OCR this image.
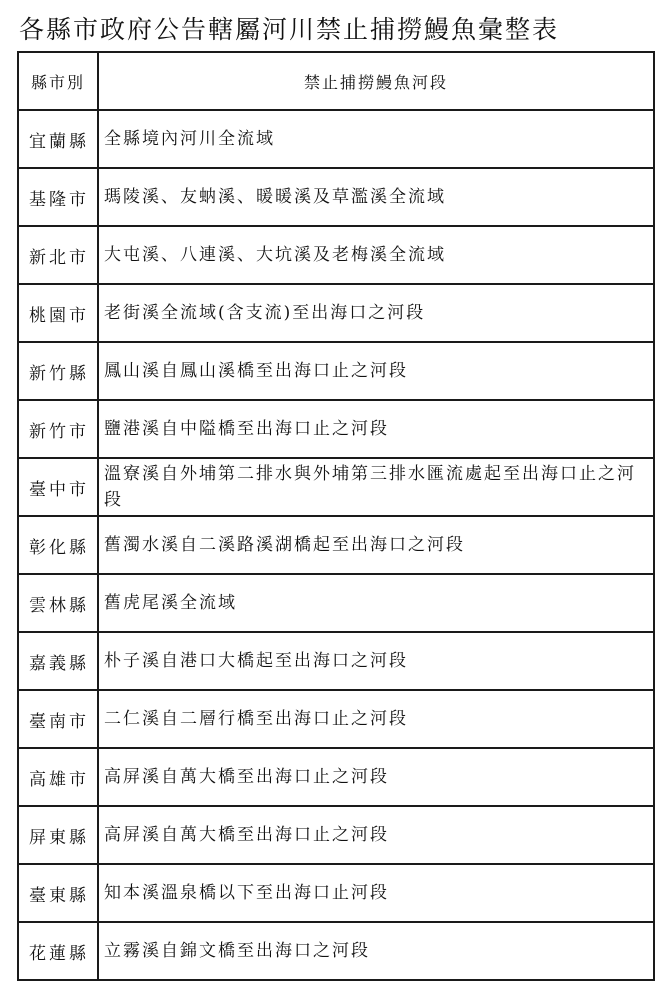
各縣市政府公告轄屬河川禁止捕撈鰻魚彙整表
縣市別	禁止捕撈鰻魚河段
宜蘭縣	全縣境內河川全流域
基隆市	瑪陵溪、友蚋溪、暖暖溪及草濫溪全流域
新北市	大屯溪、八連溪、大坑溪及老梅溪全流域
桃園市	老街溪全流域(含支流)至出海口之河段
新竹縣	鳳山溪自鳳山溪橋至出海口止之河段
新竹市	鹽港溪自中隘橋至出海口止之河段
臺中市	溫寮溪自外埔第二排水與外埔第三排水匯流處起至出海口止之河段
彰化縣	舊濁水溪自二溪路溪湖橋起至出海口之河段
雲林縣	舊虎尾溪全流域
嘉義縣	朴子溪自港口大橋起至出海口之河段
臺南市	二仁溪自二層行橋至出海口止之河段
高雄市	高屏溪自萬大橋至出海口止之河段
屏東縣	高屏溪自萬大橋至出海口止之河段
臺東縣	知本溪溫泉橋以下至出海口止河段
花蓮縣	立霧溪自錦文橋至出海口之河段
